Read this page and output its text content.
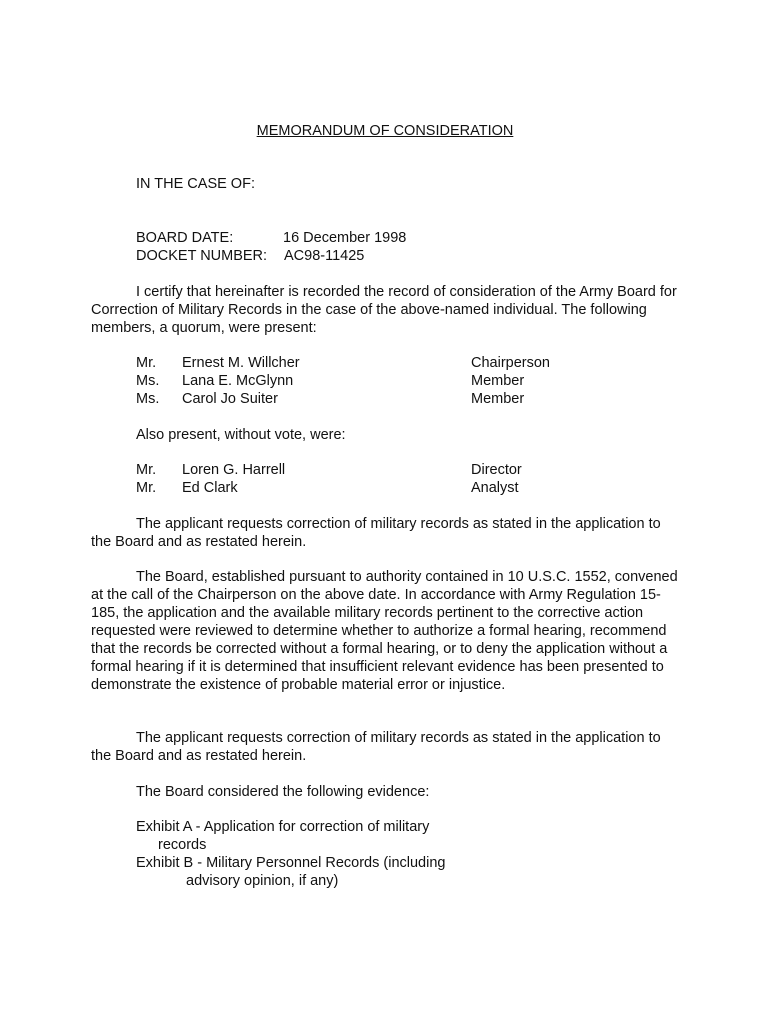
MEMORANDUM OF CONSIDERATION
IN THE CASE OF:
BOARD DATE:	16 December 1998
DOCKET NUMBER: AC98-11425
I certify that hereinafter is recorded the record of consideration of the Army Board for Correction of Military Records in the case of the above-named individual. The following members, a quorum, were present:
Mr. Ernest M. Willcher	Chairperson
Ms. Lana E. McGlynn	Member
Ms. Carol Jo Suiter	Member
Also present, without vote, were:
Mr. Loren G. Harrell	Director
Mr. Ed Clark	Analyst
The applicant requests correction of military records as stated in the application to the Board and as restated herein.
The Board, established pursuant to authority contained in 10 U.S.C. 1552, convened at the call of the Chairperson on the above date. In accordance with Army Regulation 15-185, the application and the available military records pertinent to the corrective action requested were reviewed to determine whether to authorize a formal hearing, recommend that the records be corrected without a formal hearing, or to deny the application without a formal hearing if it is determined that insufficient relevant evidence has been presented to demonstrate the existence of probable material error or injustice.
The applicant requests correction of military records as stated in the application to the Board and as restated herein.
The Board considered the following evidence:
Exhibit A - Application for correction of military
records
Exhibit B - Military Personnel Records (including
advisory opinion, if any)
